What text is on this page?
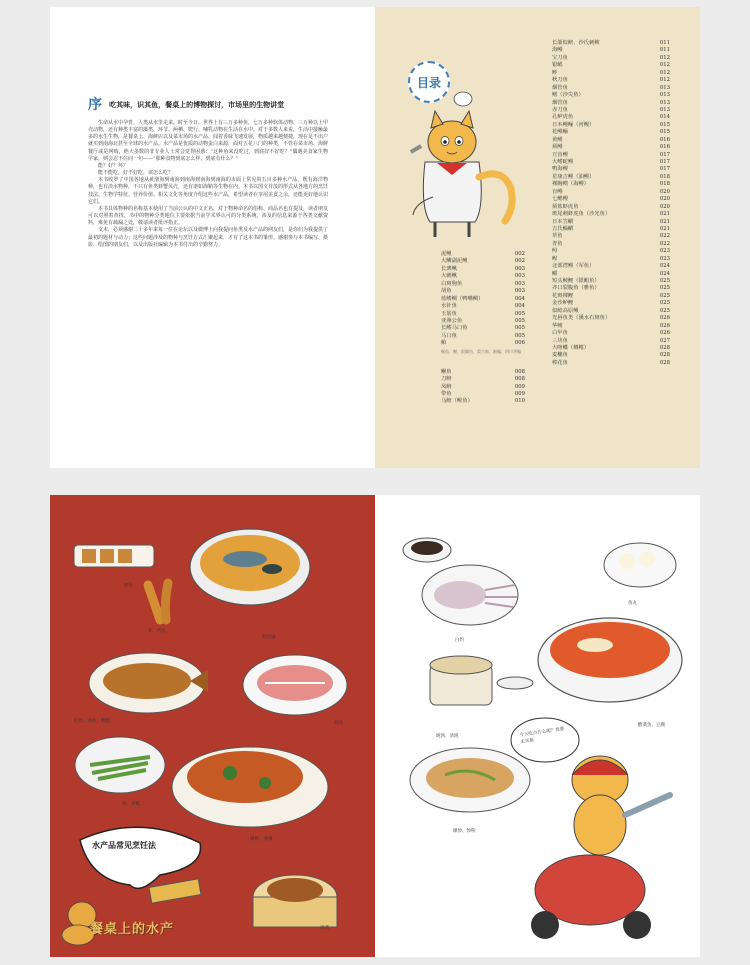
序 吃其味，识其鱼，餐桌上的博物探讨，市场里的生物讲堂

生命从水中孕育，人类从水里走来。时至今日，世界上有三万多种鱼，七万多种软体动物、三万种以上甲壳动物，还有种类丰富的藻类、环节、两栖、爬行、哺乳动物在生活在水中。对于多数人来说，生活中接触最多的水生生物，是餐桌上、海鲜店以及菜市场的水产品。闻着香味飞速发展，物质越来越便捷，现在足不出户就买到南海北甚至全球的水产品。水产品是优质的动物蛋白来源，面对五花八门的种类，不管在菜市场、海鲜餐厅或是网购，绝大多数的非专业人士常会觉得困惑：“这种鱼来没吃过，到底好不好吃？”偶遇美食家生物学家，则会忍不住问一句——“那种食物到底怎么样，到底有什么？”

能？好？坏？

能不能吃，好不好吃，该怎么吃？

本书收罗了中国各地从黄渤海到南海到南海到南海到南海的市面上常见的五百多种水产品，既有海洋物种，也有淡水物种，不只有鱼类虾蟹贝壳，还有诸如海鞘等生物在内。本书以图文并茂的形式从各地方的烹饪技法、生物学特征、营养价值、相关文化等角度介绍这些水产品，希望读者在享用美食之余，还能更好地认识它们。

本书具体物种的名称基本使用了当前公认的中文正名，对于物种命名的俗称、商品名也有提及，读者朋友可以对照着查找。书中的物种分类地位主要依据当前学术界认可的分类系统，涉及的信息来源于各类文献资料，难免有疏漏之处，敬请读者批评指正。

文末，必须感谢二十多年来每一位在论坛以及微博上向我提问鱼类及水产品的网友们，是你们为我提供了最初的题材与动力；这些问题涉及的物种与烹饪方式汇聚起来，才有了这本书的雏形。感谢参与本书编写、摄影、绘图的朋友们，以及出版社编辑为本书付出的辛勤努力。

目录
泥鳅	002
大鳞副泥鳅	002
长薄鳅	003
大刺鳅	003
白斑狗鱼	003
胡鱼	003
蓝鳍鲷（鸭嘴鲷）	004
水针鱼	004
玉筋鱼	005
亚洲公鱼	005
长鳍马口鱼	005
马口鱼	005
鲌	006
鳜鱼、鳡、银飘鱼、蒙古鲌、鲂鳊、四川华鳊
鳜鱼	008
刀鲚	008
凤鲚	009
带鱼	009
马鲛（鲅鱼）	010
长颌似鲚、沙氏刺鲅	011
海鳗	011
宝刀鱼	012
银鲳	012
鲆	012
秋刀鱼	012
烟管鱼	013
鳝（沙尖鱼）	013
烟管鱼	013
赤刀鱼	013
孔鲈虎鱼	014
日本鳗鲡（河鳗）	015
花鳗鲡	015
黄鳝	016
须鳗	016
豆齿鳗	017
大鳍蛇鳗	017
鸭海鳗	017
星康吉鳗（油鳗）	018
裸胸鳝（海鳗）	018
盲鳗	020
七鳃鳗	020
须鲨虾虎鱼	020
斑尾刺虾虎鱼（沙光鱼）	021
日本笠鳚	021
吉氏鲻鳚	021
草鱼	022
青鱼	022
鲟	023
鳇	023
北部湾鳗（军鱼）	024
鳚	024
短头鲮鲤（银鲳鱼）	025
齐口裂腹鱼（雅鱼）	025
花斑裸鲤	025
金沙鲈鲤	025
似鲶高原鳅	025
光唇鱼类（溪水石斑鱼）	026
华鲮	026
白甲鱼	026
三块鱼	027
大吻鳠（樽鳍）	028
麦穗鱼	028
棒花鱼	028
烤鱼
炸、烤鱼
鲜鱼锅
红烧、香煎、糖醋	刺身
炒、青椒
爆炒、香辣
清蒸
水产品常见烹饪法
餐桌上的水产
白灼
鱼丸
酸菜鱼、豆腐
炖汤、清炖
爆炒、炒粉
今天吃点什么呢？我要去买鱼
